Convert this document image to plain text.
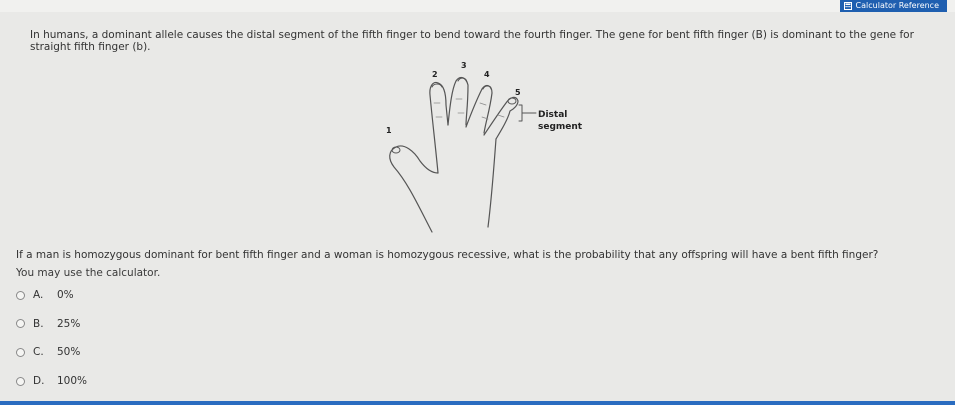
Calculator Reference
In humans, a dominant allele causes the distal segment of the fifth finger to bend toward the fourth finger. The gene for bent fifth finger (B) is dominant to the gene for straight fifth finger (b).
1
2
3
4
5
Distal
segment
If a man is homozygous dominant for bent fifth finger and a woman is homozygous recessive, what is the probability that any offspring will have a bent fifth finger?
You may use the calculator.
A.	0%
B.	25%
C.	50%
D.	100%
